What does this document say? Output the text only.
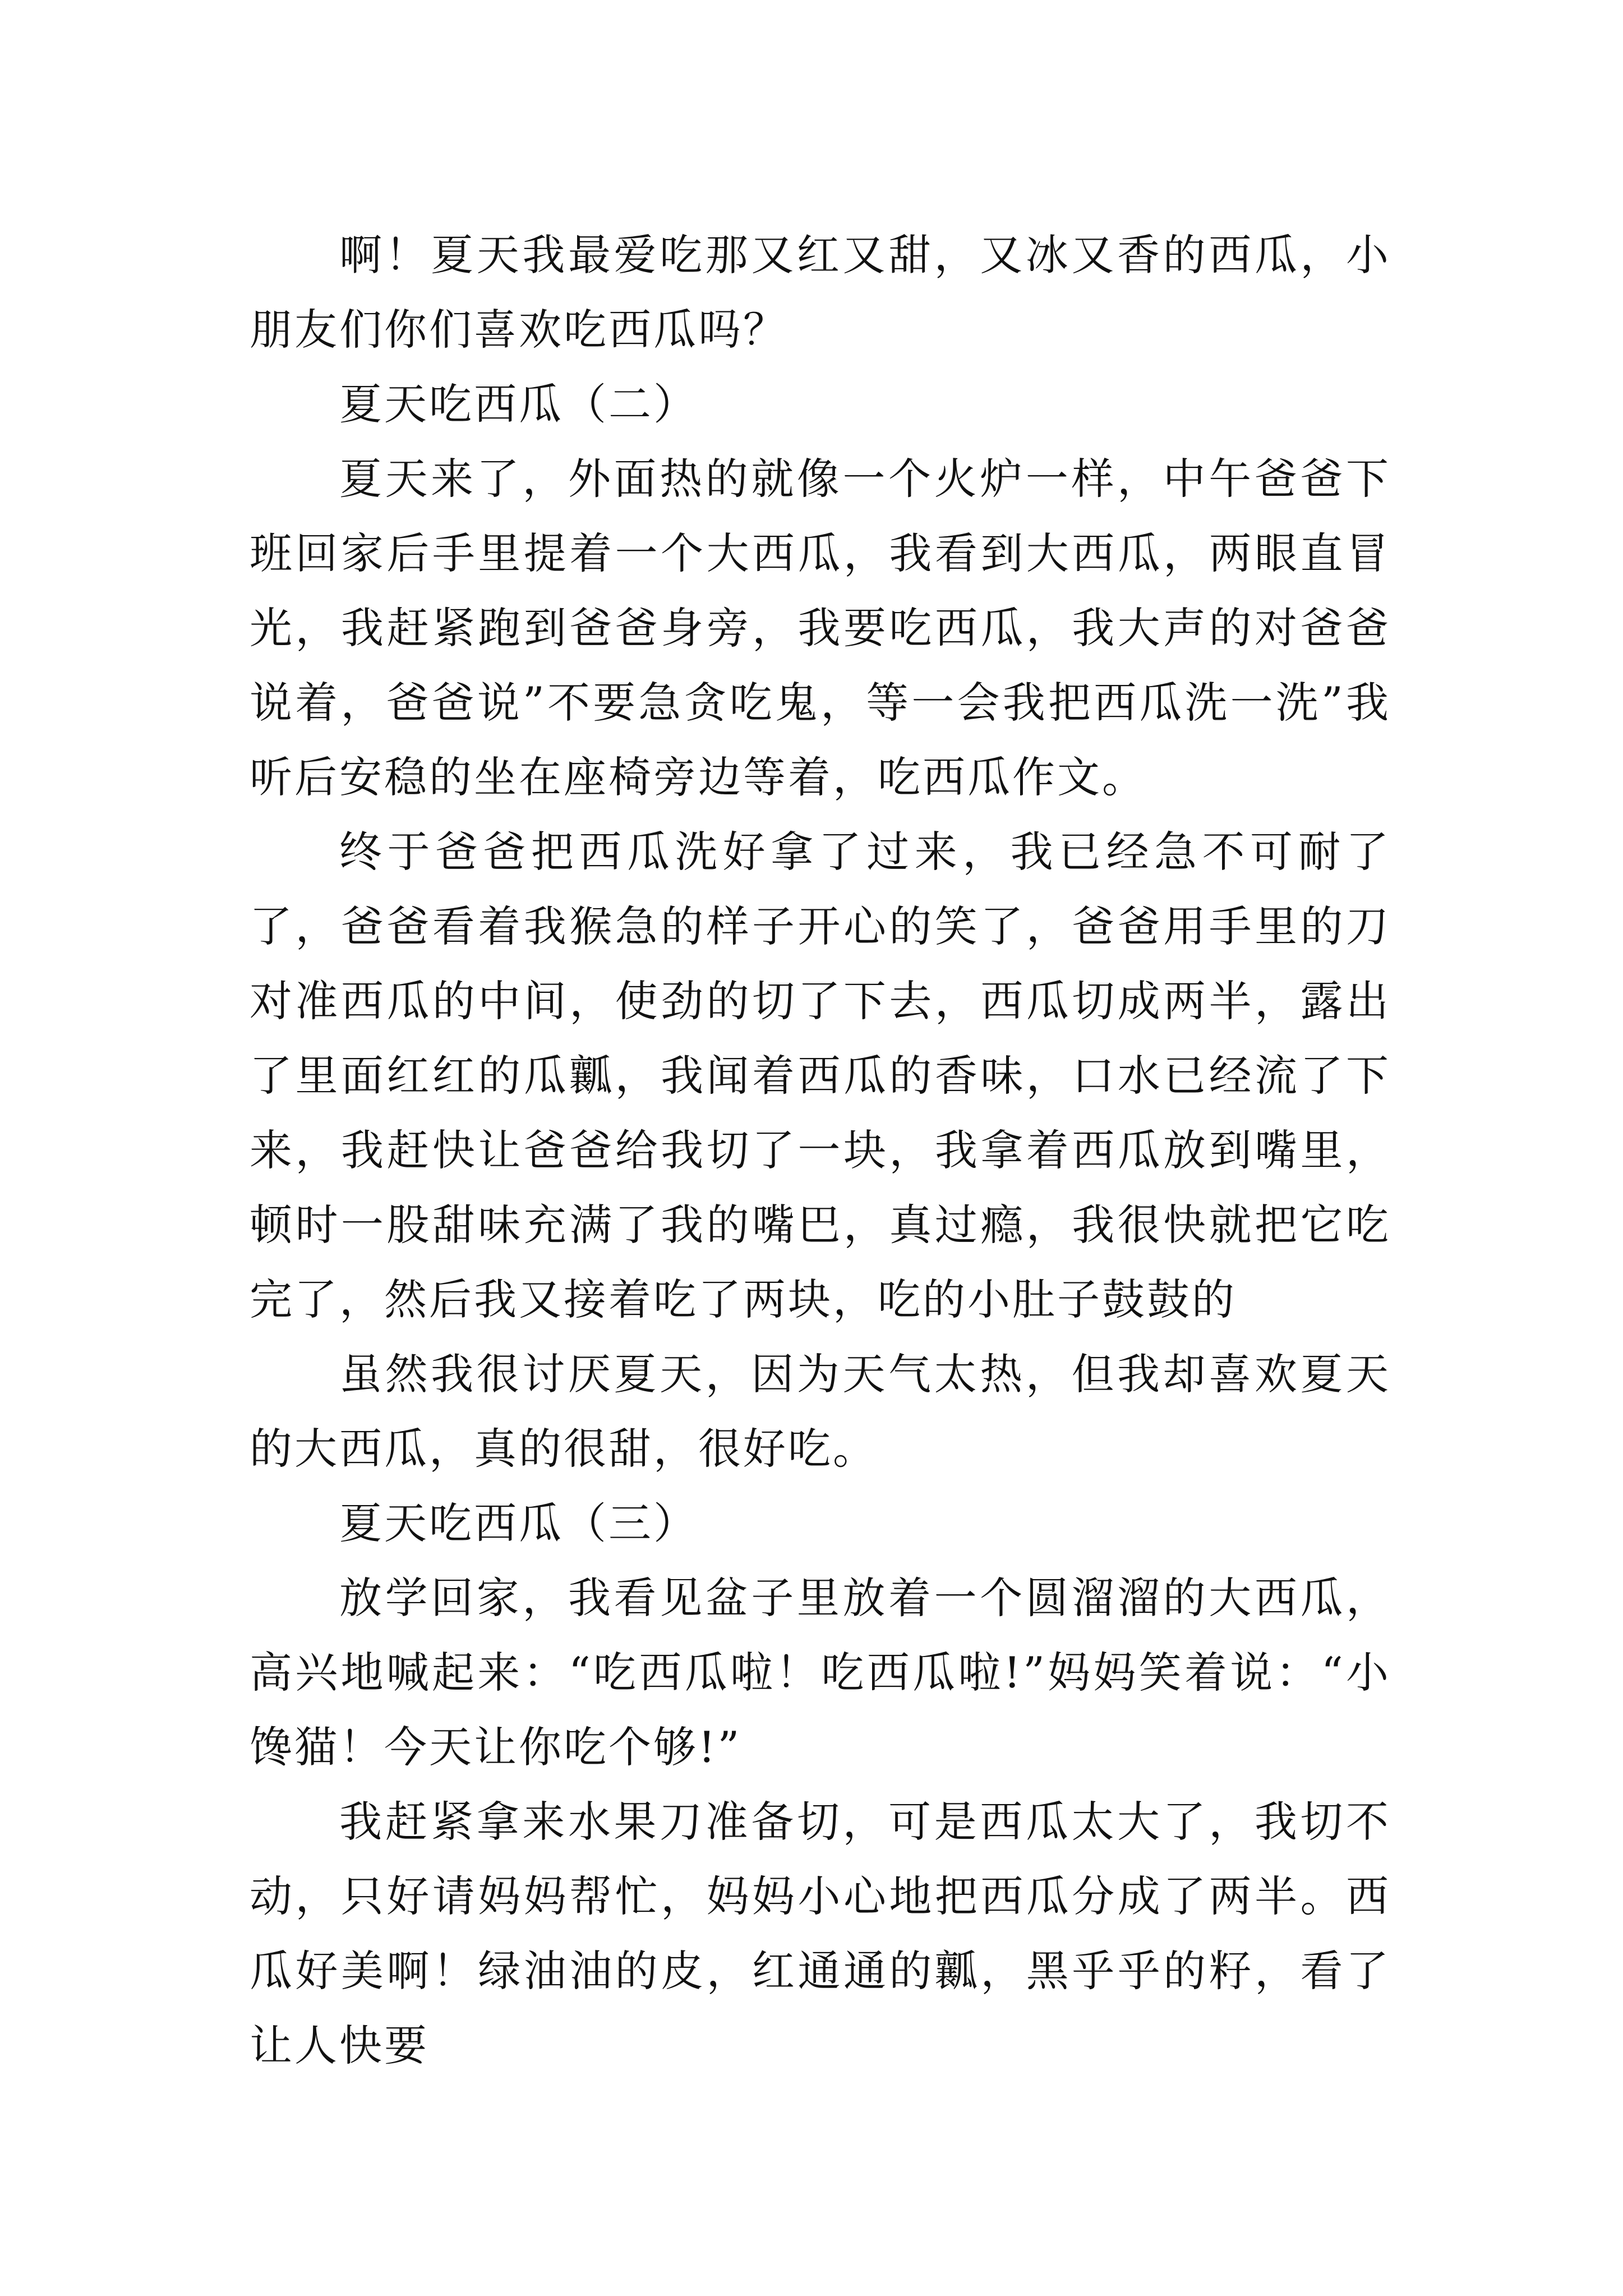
啊！夏天我最爱吃那又红又甜，又冰又香的西瓜，小朋友们你们喜欢吃西瓜吗？

夏天吃西瓜（二）

夏天来了，外面热的就像一个火炉一样，中午爸爸下班回家后手里提着一个大西瓜，我看到大西瓜，两眼直冒光，我赶紧跑到爸爸身旁，我要吃西瓜，我大声的对爸爸说着，爸爸说”不要急贪吃鬼，等一会我把西瓜洗一洗”我听后安稳的坐在座椅旁边等着，吃西瓜作文。

终于爸爸把西瓜洗好拿了过来，我已经急不可耐了了，爸爸看着我猴急的样子开心的笑了，爸爸用手里的刀对准西瓜的中间，使劲的切了下去，西瓜切成两半，露出了里面红红的瓜瓤，我闻着西瓜的香味，口水已经流了下来，我赶快让爸爸给我切了一块，我拿着西瓜放到嘴里，顿时一股甜味充满了我的嘴巴，真过瘾，我很快就把它吃完了，然后我又接着吃了两块，吃的小肚子鼓鼓的

虽然我很讨厌夏天，因为天气太热，但我却喜欢夏天的大西瓜，真的很甜，很好吃。

夏天吃西瓜（三）

放学回家，我看见盆子里放着一个圆溜溜的大西瓜，高兴地喊起来：“吃西瓜啦！吃西瓜啦!”妈妈笑着说：“小馋猫！今天让你吃个够!”

我赶紧拿来水果刀准备切，可是西瓜太大了，我切不动，只好请妈妈帮忙，妈妈小心地把西瓜分成了两半。西瓜好美啊！绿油油的皮，红通通的瓤，黑乎乎的籽，看了让人快要
